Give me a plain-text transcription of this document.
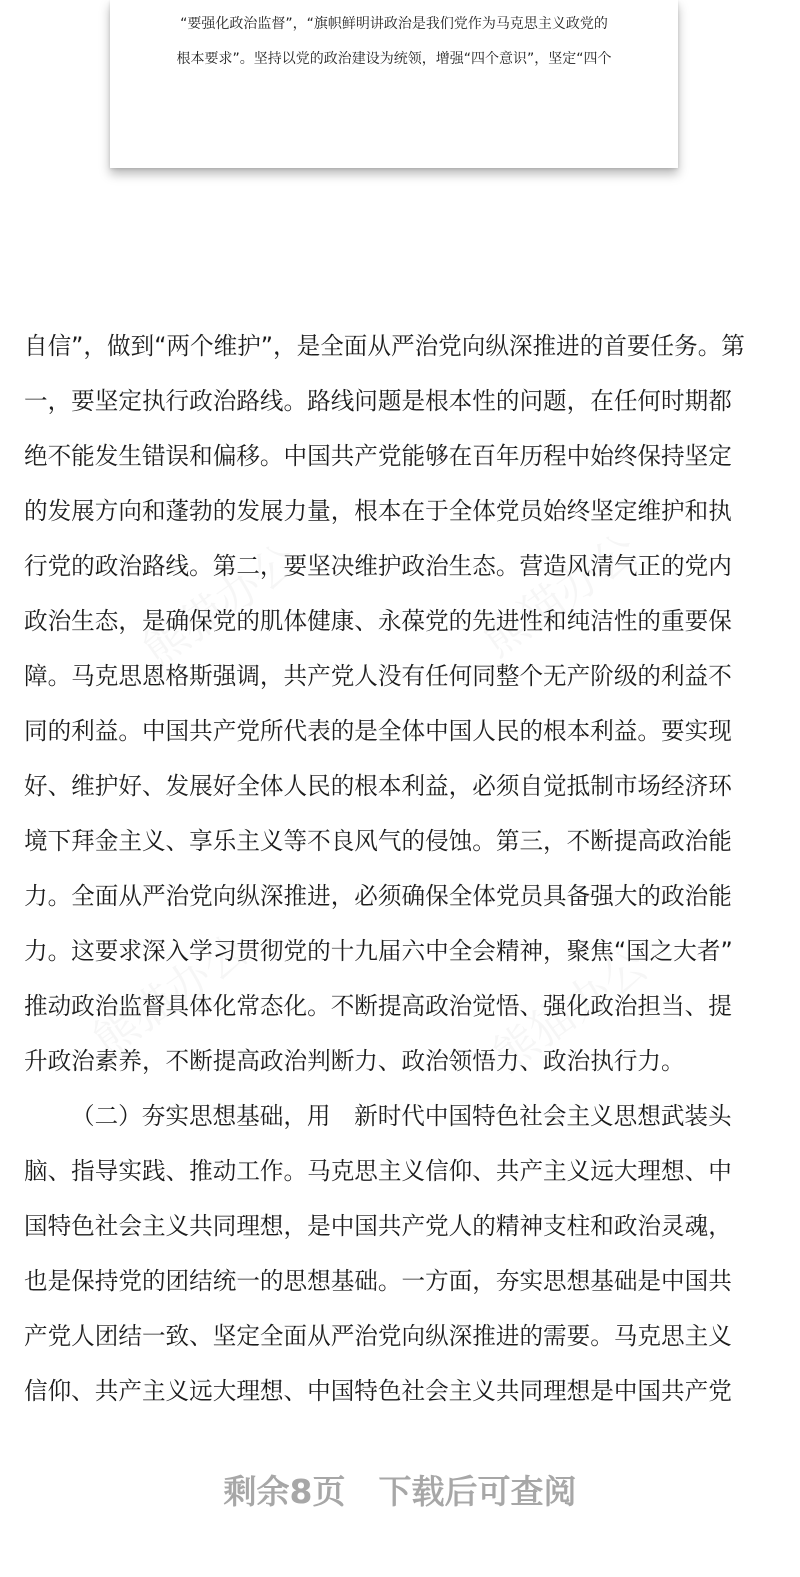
“要强化政治监督”，“旗帜鲜明讲政治是我们党作为马克思主义政党的
根本要求”。坚持以党的政治建设为统领，增强“四个意识”，坚定“四个
自信”，做到“两个维护”，是全面从严治党向纵深推进的首要任务。第
一，要坚定执行政治路线。路线问题是根本性的问题，在任何时期都
绝不能发生错误和偏移。中国共产党能够在百年历程中始终保持坚定
的发展方向和蓬勃的发展力量，根本在于全体党员始终坚定维护和执
行党的政治路线。第二，要坚决维护政治生态。营造风清气正的党内
政治生态，是确保党的肌体健康、永葆党的先进性和纯洁性的重要保
障。马克思恩格斯强调，共产党人没有任何同整个无产阶级的利益不
同的利益。中国共产党所代表的是全体中国人民的根本利益。要实现
好、维护好、发展好全体人民的根本利益，必须自觉抵制市场经济环
境下拜金主义、享乐主义等不良风气的侵蚀。第三，不断提高政治能
力。全面从严治党向纵深推进，必须确保全体党员具备强大的政治能
力。这要求深入学习贯彻党的十九届六中全会精神，聚焦“国之大者”
推动政治监督具体化常态化。不断提高政治觉悟、强化政治担当、提
升政治素养，不断提高政治判断力、政治领悟力、政治执行力。
（二）夯实思想基础，用　新时代中国特色社会主义思想武装头
脑、指导实践、推动工作。马克思主义信仰、共产主义远大理想、中
国特色社会主义共同理想，是中国共产党人的精神支柱和政治灵魂，
也是保持党的团结统一的思想基础。一方面，夯实思想基础是中国共
产党人团结一致、坚定全面从严治党向纵深推进的需要。马克思主义
信仰、共产主义远大理想、中国特色社会主义共同理想是中国共产党
剩余8页　下载后可查阅
